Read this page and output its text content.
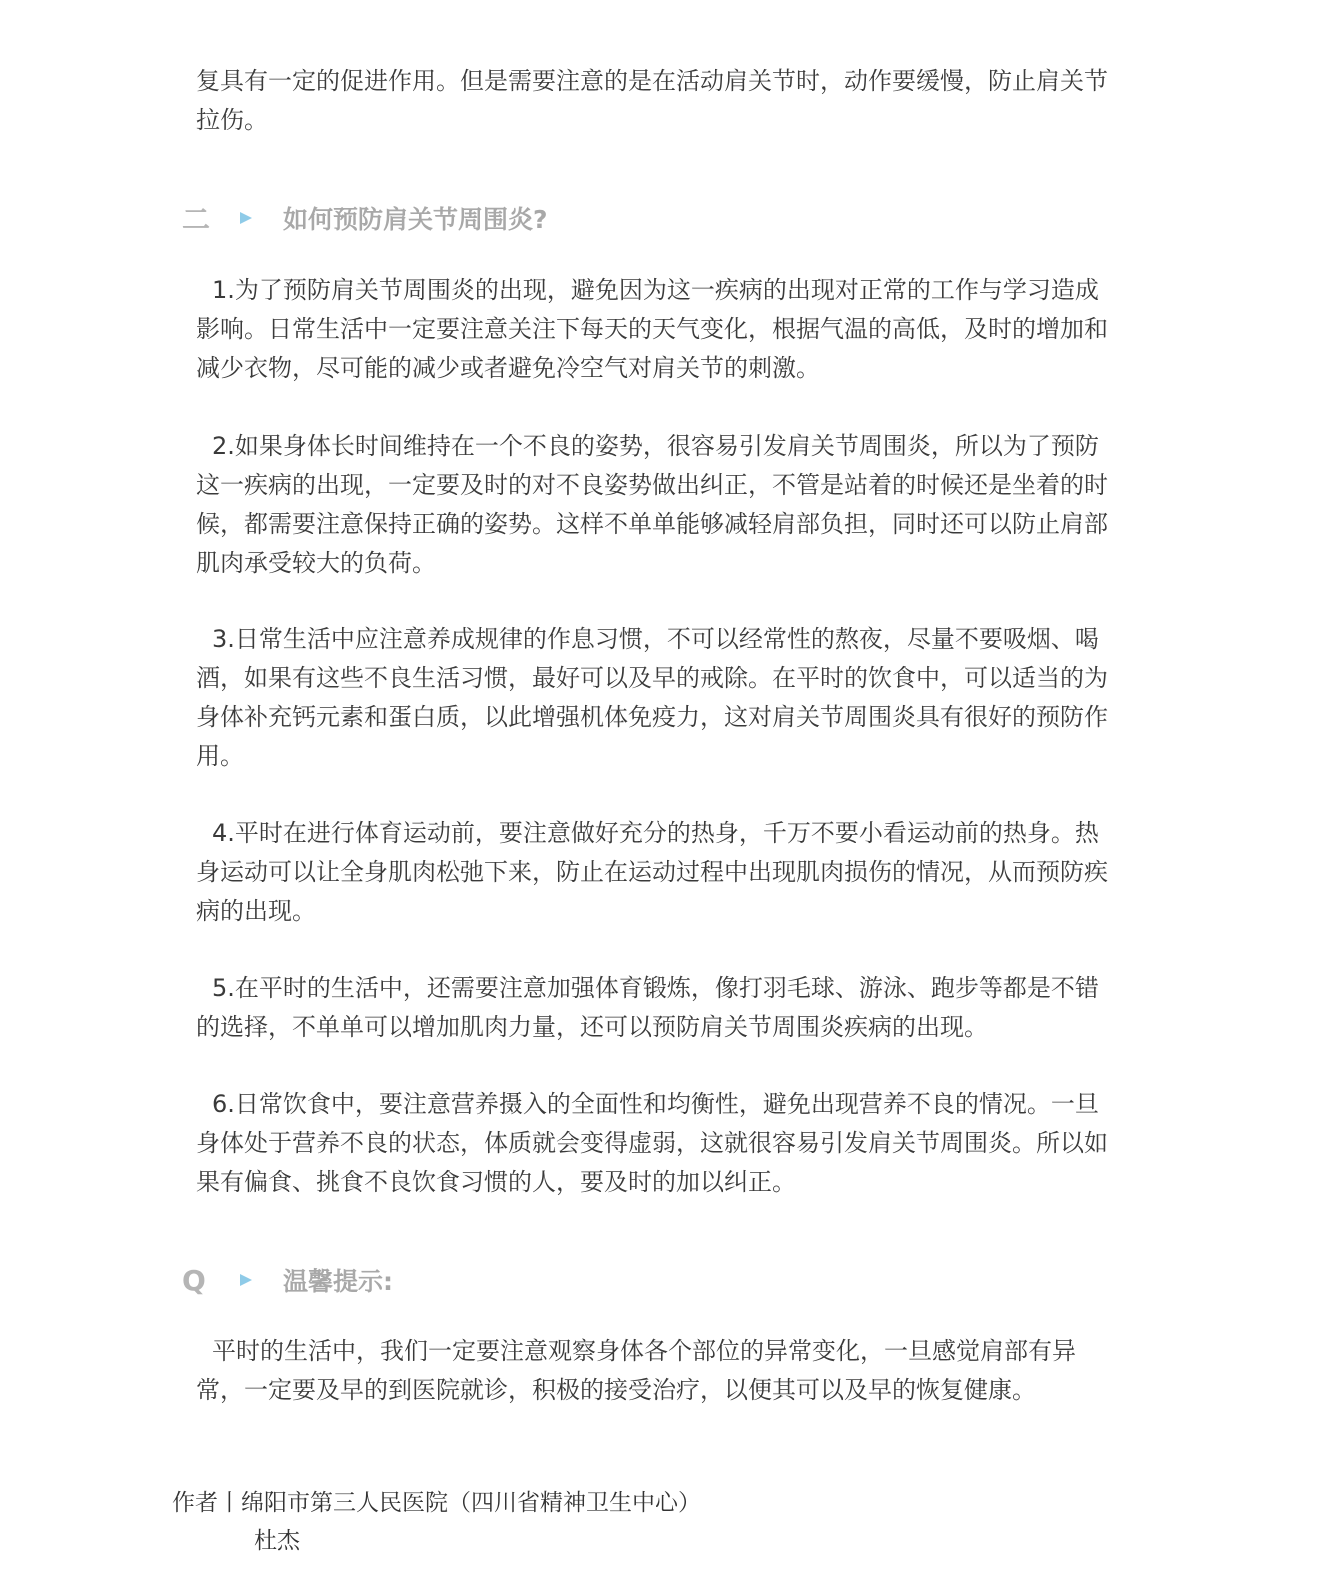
复具有一定的促进作用。但是需要注意的是在活动肩关节时，动作要缓慢，防止肩关节拉伤。

二	如何预防肩关节周围炎?

1.为了预防肩关节周围炎的出现，避免因为这一疾病的出现对正常的工作与学习造成影响。日常生活中一定要注意关注下每天的天气变化，根据气温的高低，及时的增加和减少衣物，尽可能的减少或者避免冷空气对肩关节的刺激。

2.如果身体长时间维持在一个不良的姿势，很容易引发肩关节周围炎，所以为了预防这一疾病的出现，一定要及时的对不良姿势做出纠正，不管是站着的时候还是坐着的时候，都需要注意保持正确的姿势。这样不单单能够减轻肩部负担，同时还可以防止肩部肌肉承受较大的负荷。

3.日常生活中应注意养成规律的作息习惯，不可以经常性的熬夜，尽量不要吸烟、喝酒，如果有这些不良生活习惯，最好可以及早的戒除。在平时的饮食中，可以适当的为身体补充钙元素和蛋白质，以此增强机体免疫力，这对肩关节周围炎具有很好的预防作用。

4.平时在进行体育运动前，要注意做好充分的热身，千万不要小看运动前的热身。热身运动可以让全身肌肉松弛下来，防止在运动过程中出现肌肉损伤的情况，从而预防疾病的出现。

5.在平时的生活中，还需要注意加强体育锻炼，像打羽毛球、游泳、跑步等都是不错的选择，不单单可以增加肌肉力量，还可以预防肩关节周围炎疾病的出现。

6.日常饮食中，要注意营养摄入的全面性和均衡性，避免出现营养不良的情况。一旦身体处于营养不良的状态，体质就会变得虚弱，这就很容易引发肩关节周围炎。所以如果有偏食、挑食不良饮食习惯的人，要及时的加以纠正。

Q	温馨提示:

平时的生活中，我们一定要注意观察身体各个部位的异常变化，一旦感觉肩部有异常，一定要及早的到医院就诊，积极的接受治疗，以便其可以及早的恢复健康。

作者丨绵阳市第三人民医院（四川省精神卫生中心）
杜杰
